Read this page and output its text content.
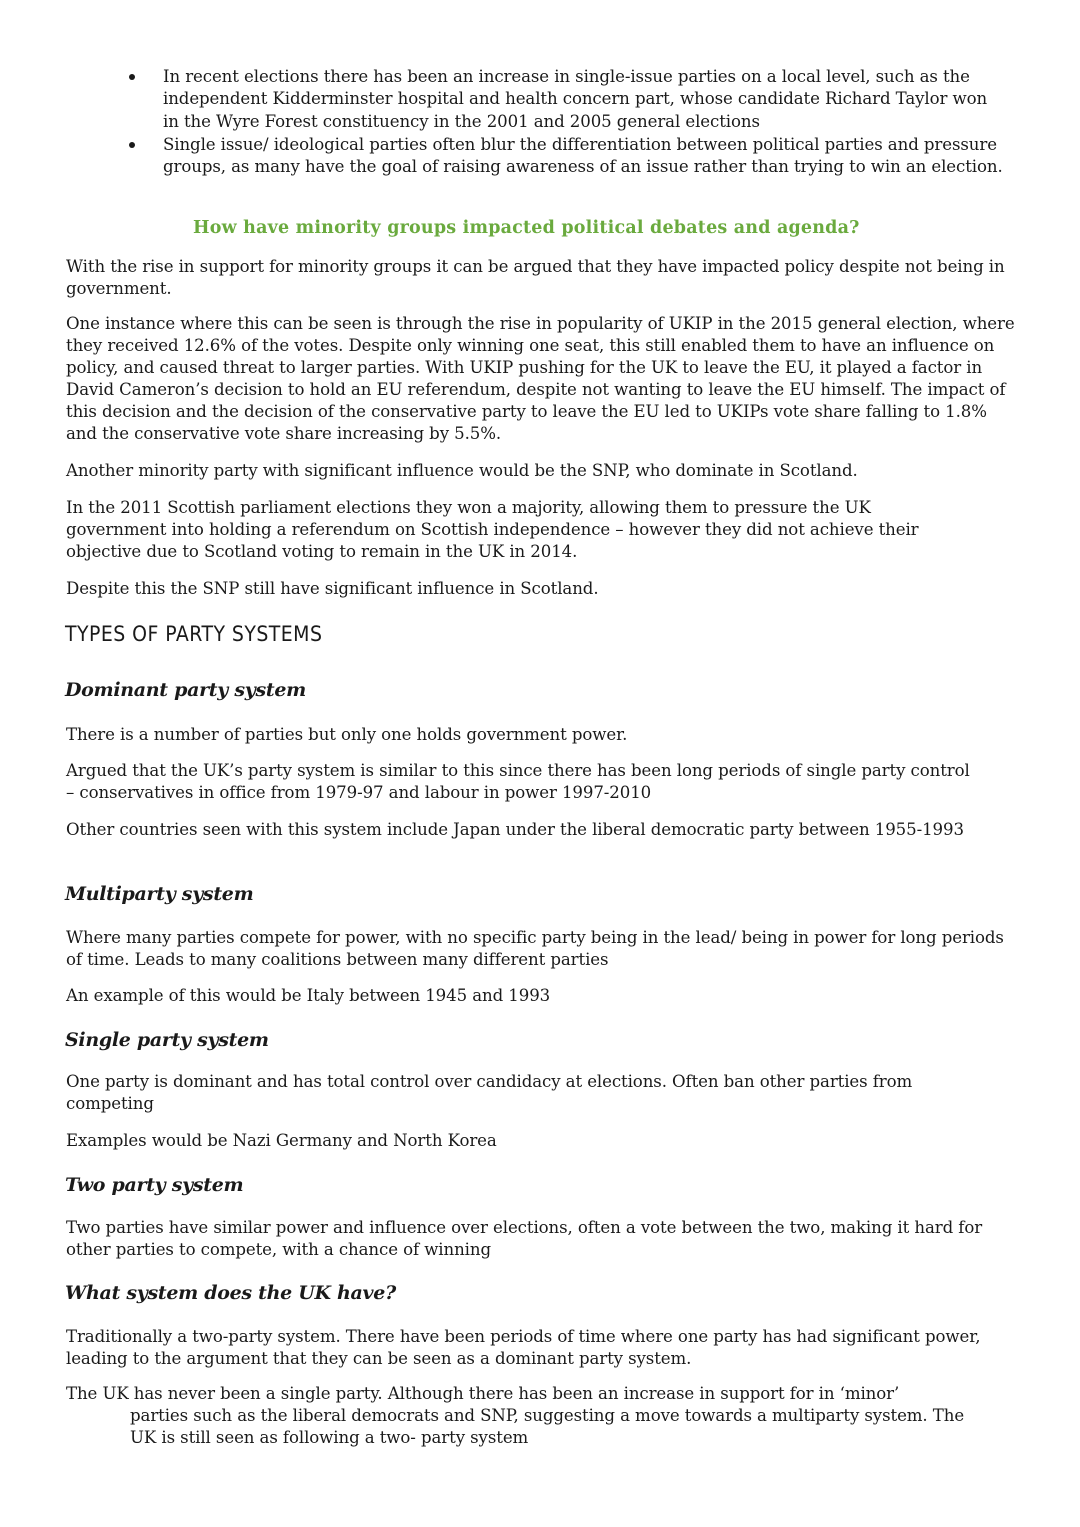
In recent elections there has been an increase in single-issue parties on a local level, such as the independent Kidderminster hospital and health concern part, whose candidate Richard Taylor won in the Wyre Forest constituency in the 2001 and 2005 general elections
Single issue/ ideological parties often blur the differentiation between political parties and pressure groups, as many have the goal of raising awareness of an issue rather than trying to win an election.
How have minority groups impacted political debates and agenda?

With the rise in support for minority groups it can be argued that they have impacted policy despite not being in government.

One instance where this can be seen is through the rise in popularity of UKIP in the 2015 general election, where they received 12.6% of the votes. Despite only winning one seat, this still enabled them to have an influence on policy, and caused threat to larger parties. With UKIP pushing for the UK to leave the EU, it played a factor in David Cameron’s decision to hold an EU referendum, despite not wanting to leave the EU himself. The impact of this decision and the decision of the conservative party to leave the EU led to UKIPs vote share falling to 1.8% and the conservative vote share increasing by 5.5%.

Another minority party with significant influence would be the SNP, who dominate in Scotland.

In the 2011 Scottish parliament elections they won a majority, allowing them to pressure the UK government into holding a referendum on Scottish independence – however they did not achieve their objective due to Scotland voting to remain in the UK in 2014.

Despite this the SNP still have significant influence in Scotland.

TYPES OF PARTY SYSTEMS
Dominant party system

There is a number of parties but only one holds government power.

Argued that the UK’s party system is similar to this since there has been long periods of single party control – conservatives in office from 1979-97 and labour in power 1997-2010

Other countries seen with this system include Japan under the liberal democratic party between 1955-1993

Multiparty system

Where many parties compete for power, with no specific party being in the lead/ being in power for long periods of time. Leads to many coalitions between many different parties

An example of this would be Italy between 1945 and 1993

Single party system

One party is dominant and has total control over candidacy at elections. Often ban other parties from competing

Examples would be Nazi Germany and North Korea

Two party system

Two parties have similar power and influence over elections, often a vote between the two, making it hard for other parties to compete, with a chance of winning

What system does the UK have?

Traditionally a two-party system. There have been periods of time where one party has had significant power, leading to the argument that they can be seen as a dominant party system.

The UK has never been a single party. Although there has been an increase in support for in ‘minor’
parties such as the liberal democrats and SNP, suggesting a move towards a multiparty system. The UK is still seen as following a two- party system
